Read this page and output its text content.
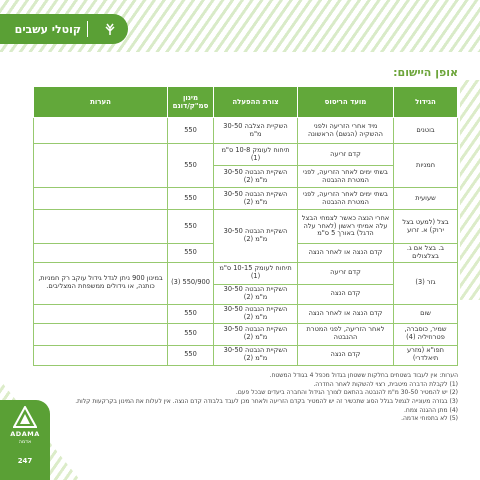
קוטלי עשבים
אופן היישום:
הגידול	מועד הריסוס	צורת ההפעלה	מינון סמ"ק/דונם	הערות
בוטנים	מיד אחרי הזריעה ולפני ההשקיה (הגשם) הראשונה	השקיית הצלבה 30-50 מ"מ	550	
חמניות	קדם זריעה	תיחוח לעומק 10-8 ס"מ (1)	550	
	בשתי ימים לאחר הזריעה, לפני המטרת ההנבטה	השקיית הנבטה 30-50 מ"מ (2)		
שעועית	בשתי ימים לאחר הזריעה, לפני המטרת ההנבטה	השקיית הנבטה 30-50 מ"מ (2)	550	
בצל (למעט בצל ירוק) א. זרוע	אחרי הנצה כאשר לצמחי הבצל עלה אמיתי ראשון (לאחר עלה הדגל) באורך 5 ס"מ	השקיית הנבטה 30-50 מ"מ (2)	550	
ב. בצל אם ג. בצלצולים	קדם הנצה או לאחר הנצה		550	
גזר (3)	קדם זריעה	תיחוח לעומק 10-15 ס"מ (1)	550/900 (3)	במינון 900 ניתן לגדל גידול עוקב רק חמניות, כותנה, או גידולים ממשפחת המצליבים.
	קדם הנצה	השקיית הנבטה 30-50 מ"מ (2)		
שום	קדם הנצה או לאחר הנצה	השקיית הנבטה 30-50 מ"מ (2)	550	
שמיר, כוסברה, פטרוזיליה (4)	לאחר הזריעה, לפני המטרת ההנבטה	השקיית הנבטה 30-50 מ"מ (2)	550	
תפו"א (מזרע תיאלדרי)	קדם הנצה	השקיית הנבטה 30-50 מ"מ (2)	550	

הערות: אין לעבוד בשטחים בחלקות ששטחן בגדול מכפל 4 בגודל המשטח.

(1) לקבלת הדברה מיטבית, רצוי להשקות לאחר החדרה.

(2) יש להמטיר 30-50 מ"מ להנבטה בהתאם לצורך הגידול והחברה ביעדים שבכל פעם.

(3) בגזרה מעונייה לגמול בגלל הסוג שתכשיר זה יש להמטיר בקדם הזריעה ולאחר מכן לעבד בלבודה קדם הנצה. אין לעלות את המינון בקרקעות קלות.

(4) מתן ההגנה צמח.

(5) לא בתפוחי אדמה.

ADAMA
אדמה
247
